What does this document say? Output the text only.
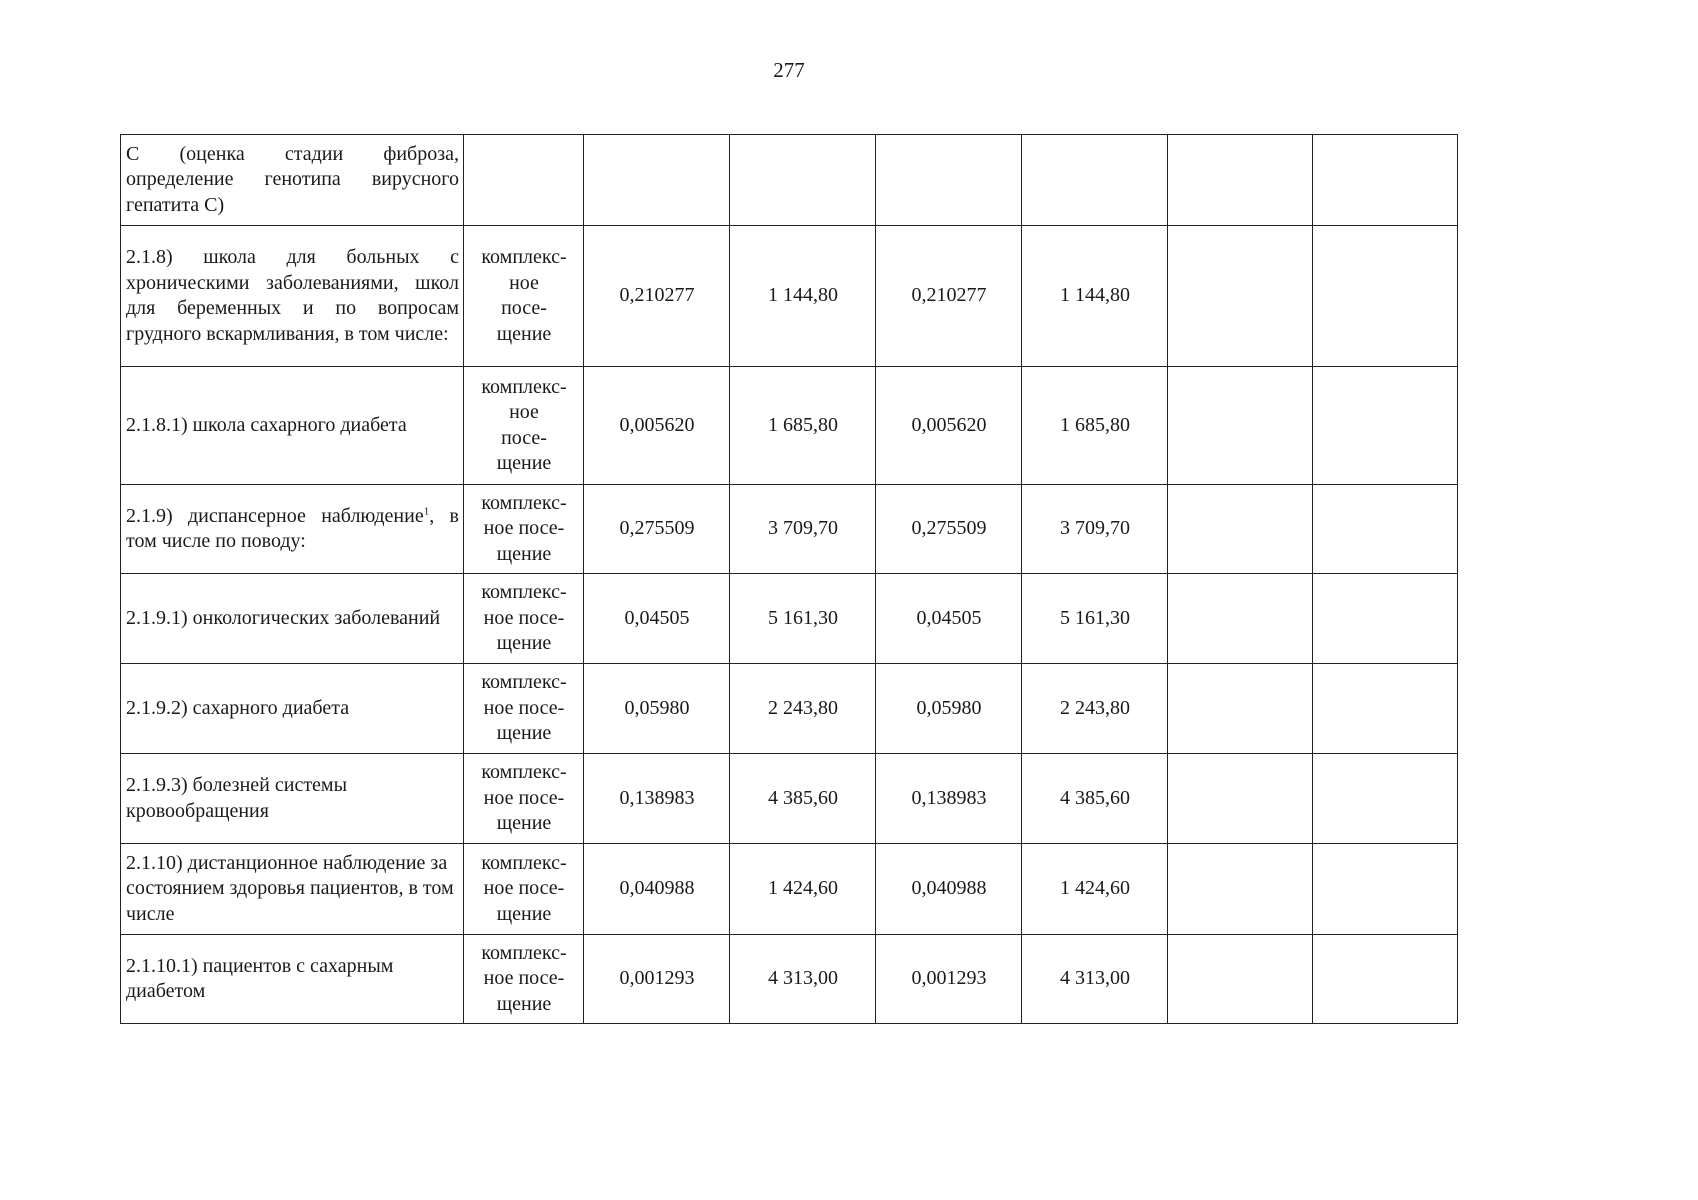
277
С (оценка стадии фиброза, определение генотипа вирусного гепатита С)							
2.1.8) школа для больных с хроническими заболеваниями, школ для беременных и по вопросам грудного вскармливания, в том числе:	комплекс-
ное
посе-
щение	0,210277	1 144,80	0,210277	1 144,80		
2.1.8.1) школа сахарного диабета	комплекс-
ное
посе-
щение	0,005620	1 685,80	0,005620	1 685,80		
2.1.9) диспансерное наблюдение$^1$, в том числе по поводу:	комплекс-
ное посе-
щение	0,275509	3 709,70	0,275509	3 709,70		
2.1.9.1) онкологических заболеваний	комплекс-
ное посе-
щение	0,04505	5 161,30	0,04505	5 161,30		
2.1.9.2) сахарного диабета	комплекс-
ное посе-
щение	0,05980	2 243,80	0,05980	2 243,80		
2.1.9.3) болезней системы кровообращения	комплекс-
ное посе-
щение	0,138983	4 385,60	0,138983	4 385,60		
2.1.10) дистанционное наблюдение за состоянием здоровья пациентов, в том числе	комплекс-
ное посе-
щение	0,040988	1 424,60	0,040988	1 424,60		
2.1.10.1) пациентов с сахарным диабетом	комплекс-
ное посе-
щение	0,001293	4 313,00	0,001293	4 313,00		
